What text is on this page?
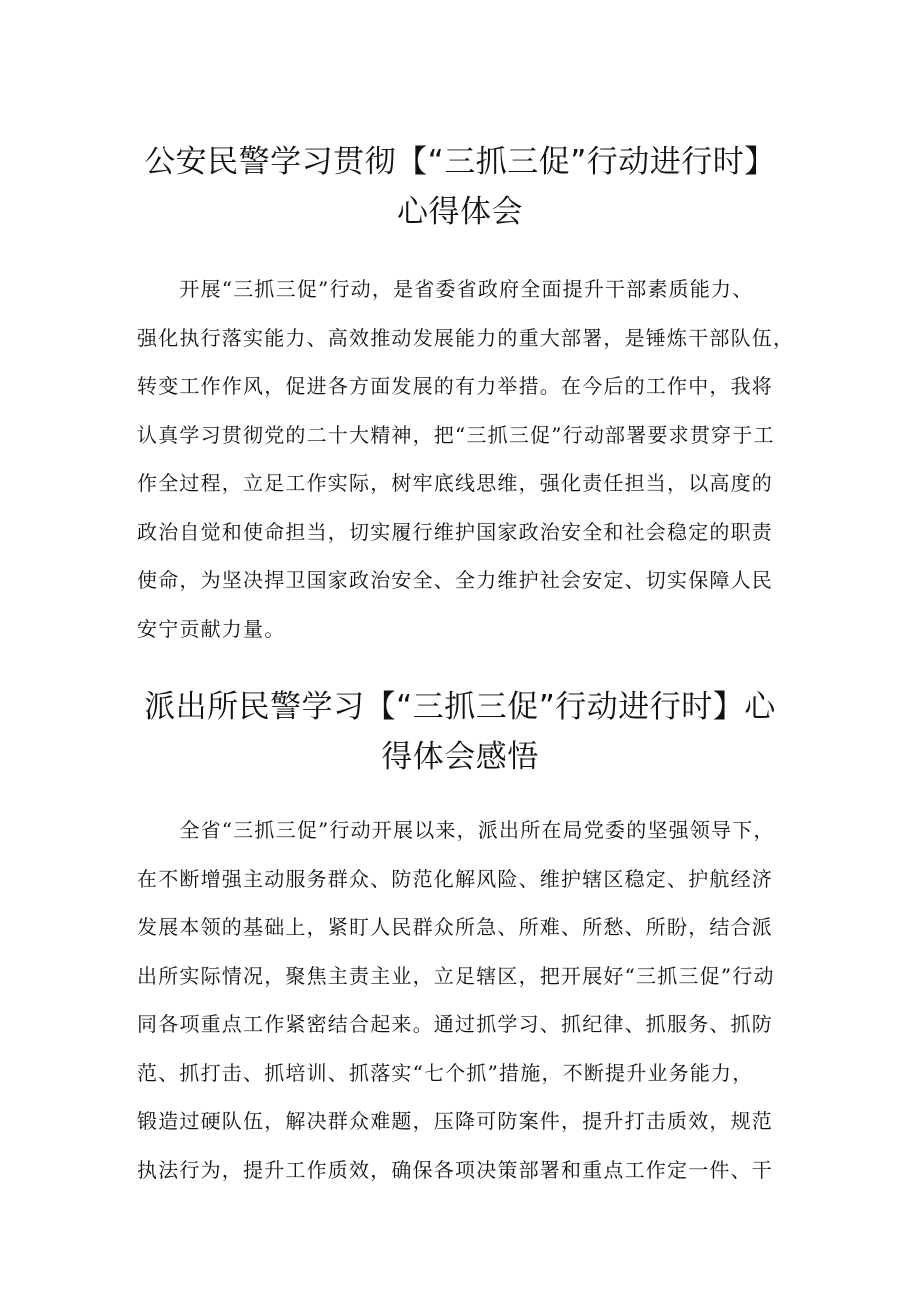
公安民警学习贯彻【“三抓三促”行动进行时】
心得体会
　　开展“三抓三促”行动，是省委省政府全面提升干部素质能力、
强化执行落实能力、高效推动发展能力的重大部署，是锤炼干部队伍，
转变工作作风，促进各方面发展的有力举措。在今后的工作中，我将
认真学习贯彻党的二十大精神，把“三抓三促”行动部署要求贯穿于工
作全过程，立足工作实际，树牢底线思维，强化责任担当，以高度的
政治自觉和使命担当，切实履行维护国家政治安全和社会稳定的职责
使命，为坚决捍卫国家政治安全、全力维护社会安定、切实保障人民
安宁贡献力量。
派出所民警学习【“三抓三促”行动进行时】心
得体会感悟
　　全省“三抓三促”行动开展以来，派出所在局党委的坚强领导下，
在不断增强主动服务群众、防范化解风险、维护辖区稳定、护航经济
发展本领的基础上，紧盯人民群众所急、所难、所愁、所盼，结合派
出所实际情况，聚焦主责主业，立足辖区，把开展好“三抓三促”行动
同各项重点工作紧密结合起来。通过抓学习、抓纪律、抓服务、抓防
范、抓打击、抓培训、抓落实“七个抓”措施，不断提升业务能力，
锻造过硬队伍，解决群众难题，压降可防案件，提升打击质效，规范
执法行为，提升工作质效，确保各项决策部署和重点工作定一件、干
